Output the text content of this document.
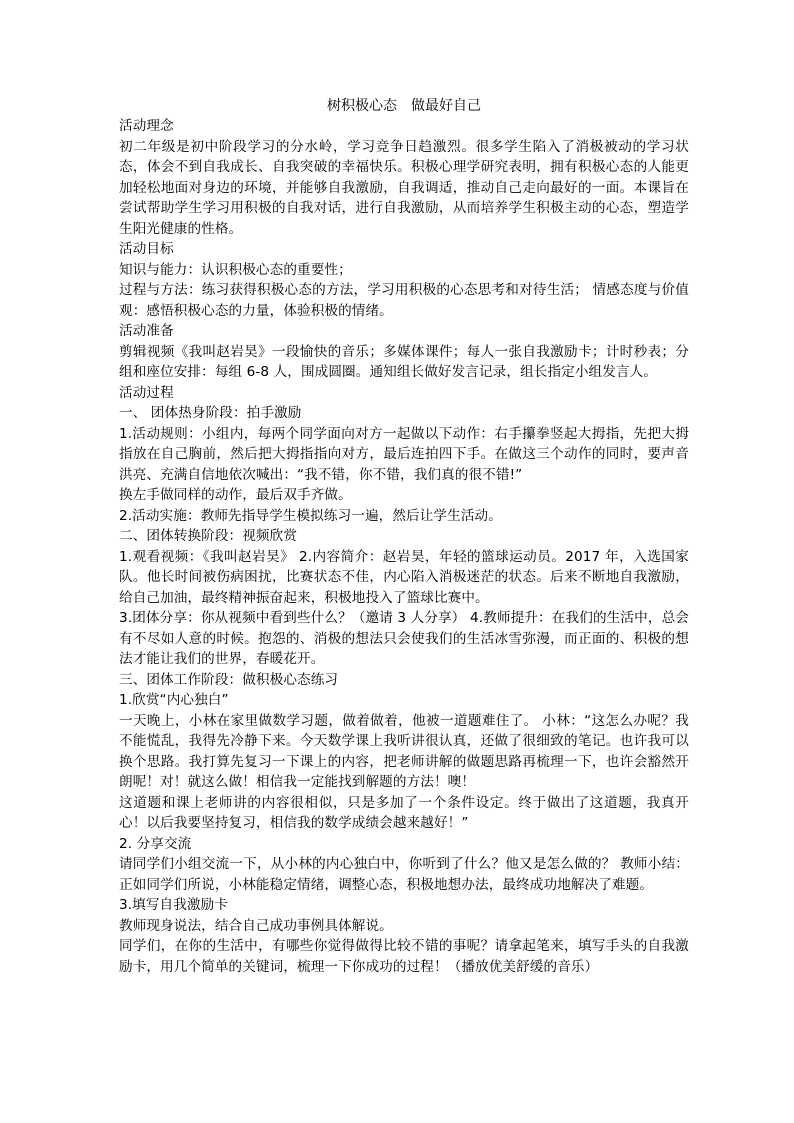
树积极心态　做最好自己

活动理念

初二年级是初中阶段学习的分水岭，学习竞争日趋激烈。很多学生陷入了消极被动的学习状态，体会不到自我成长、自我突破的幸福快乐。积极心理学研究表明，拥有积极心态的人能更加轻松地面对身边的环境，并能够自我激励，自我调适，推动自己走向最好的一面。本课旨在尝试帮助学生学习用积极的自我对话，进行自我激励，从而培养学生积极主动的心态，塑造学生阳光健康的性格。

活动目标

知识与能力：认识积极心态的重要性；

过程与方法：练习获得积极心态的方法，学习用积极的心态思考和对待生活； 情感态度与价值观：感悟积极心态的力量，体验积极的情绪。

活动准备

剪辑视频《我叫赵岩昊》一段愉快的音乐；多媒体课件；每人一张自我激励卡；计时秒表；分组和座位安排：每组 6-8 人，围成圆圈。通知组长做好发言记录，组长指定小组发言人。

活动过程

一、 团体热身阶段：拍手激励

1.活动规则：小组内，每两个同学面向对方一起做以下动作：右手攥拳竖起大拇指，先把大拇指放在自己胸前，然后把大拇指指向对方，最后连拍四下手。在做这三个动作的同时，要声音洪亮、充满自信地依次喊出：“我不错，你不错，我们真的很不错!”

换左手做同样的动作，最后双手齐做。

2.活动实施：教师先指导学生模拟练习一遍，然后让学生活动。

二、团体转换阶段：视频欣赏

1.观看视频：《我叫赵岩昊》 2.内容简介：赵岩昊，年轻的篮球运动员。2017 年，入选国家队。他长时间被伤病困扰，比赛状态不佳，内心陷入消极迷茫的状态。后来不断地自我激励，给自己加油，最终精神振奋起来，积极地投入了篮球比赛中。

3.团体分享：你从视频中看到些什么？（邀请 3 人分享） 4.教师提升：在我们的生活中，总会有不尽如人意的时候。抱怨的、消极的想法只会使我们的生活冰雪弥漫，而正面的、积极的想法才能让我们的世界，春暖花开。

三、团体工作阶段：做积极心态练习

1.欣赏“内心独白”

一天晚上，小林在家里做数学习题，做着做着，他被一道题难住了。 小林：“这怎么办呢？我不能慌乱，我得先冷静下来。今天数学课上我听讲很认真，还做了很细致的笔记。也许我可以换个思路。我打算先复习一下课上的内容，把老师讲解的做题思路再梳理一下，也许会豁然开朗呢！对！就这么做！相信我一定能找到解题的方法！噢！

这道题和课上老师讲的内容很相似，只是多加了一个条件设定。终于做出了这道题，我真开心！以后我要坚持复习，相信我的数学成绩会越来越好！”

2. 分享交流

请同学们小组交流一下，从小林的内心独白中，你听到了什么？他又是怎么做的？ 教师小结：正如同学们所说，小林能稳定情绪，调整心态，积极地想办法，最终成功地解决了难题。

3.填写自我激励卡

教师现身说法，结合自己成功事例具体解说。

同学们，在你的生活中，有哪些你觉得做得比较不错的事呢？请拿起笔来，填写手头的自我激励卡，用几个简单的关键词，梳理一下你成功的过程！（播放优美舒缓的音乐）
